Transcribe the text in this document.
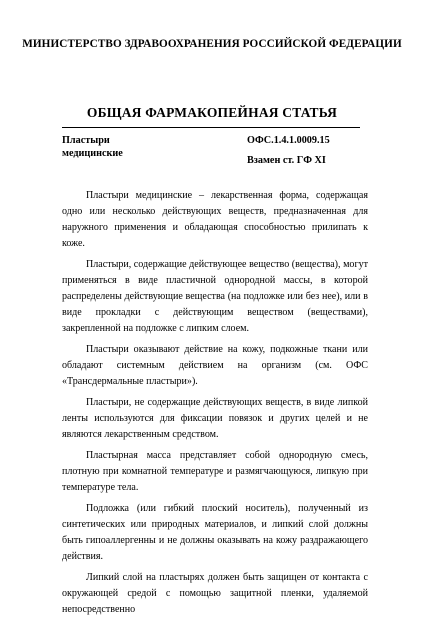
МИНИСТЕРСТВО ЗДРАВООХРАНЕНИЯ РОССИЙСКОЙ ФЕДЕРАЦИИ
ОБЩАЯ ФАРМАКОПЕЙНАЯ СТАТЬЯ
Пластыри
медицинские
ОФС.1.4.1.0009.15
Взамен ст. ГФ XI

Пластыри медицинские – лекарственная форма, содержащая одно или несколько действующих веществ, предназначенная для наружного применения и обладающая способностью прилипать к коже.

Пластыри, содержащие действующее вещество (вещества), могут применяться в виде пластичной однородной массы, в которой распределены действующие вещества (на подложке или без нее), или в виде прокладки с действующим веществом (веществами), закрепленной на подложке с липким слоем.

Пластыри оказывают действие на кожу, подкожные ткани или обладают системным действием на организм (см. ОФС «Трансдермальные пластыри»).

Пластыри, не содержащие действующих веществ, в виде липкой ленты используются для фиксации повязок и других целей и не являются лекарственным средством.

Пластырная масса представляет собой однородную смесь, плотную при комнатной температуре и размягчающуюся, липкую при температуре тела.

Подложка (или гибкий плоский носитель), полученный из синтетических или природных материалов, и липкий слой должны быть гипоаллергенны и не должны оказывать на кожу раздражающего действия.

Липкий слой на пластырях должен быть защищен от контакта с окружающей средой с помощью защитной пленки, удаляемой непосредственно
